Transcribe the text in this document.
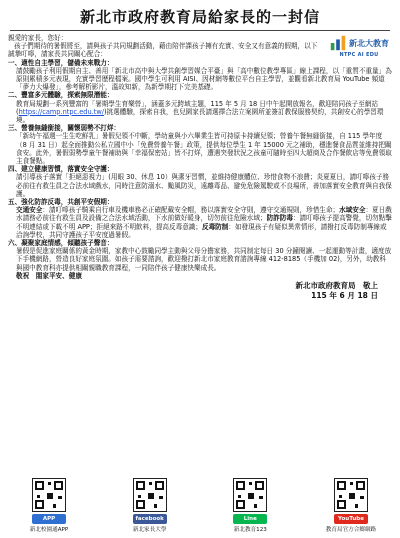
新北市政府教育局給家長的一封信
親愛的家長，您好：
孩子們期待的暑假將至，請與孩子共同規劃活動，藉由陪伴課孩子擁有充實、安全又有意義的假期，以下誠摯叮嚀，請家長共同關心配合：
新北大教育
NTPC AI EDU
一、適性自主學習，儲備未來戰力：
請鼓勵孩子利用假期自主、善用「新北市高中與大學共創學習媒合平臺」與「高中數位教學專區」線上課程，以「重質不重量」為原則累積多元表現，充實學習歷程檔案。國中學生可利用 AISI、因材網等數位平台自主學習，並觀看新北教育局 YouTube 頻道「夢力大爆發」，參考解析影片，溫故知新，為新學期打下完美基礎。
二、豐富多元體驗，探索無限潛能：
教育局規劃一系列豐富的「暑期學生育樂營」，涵蓋多元跨域主題，115 年 5 月 18 日中午起開放報名，歡迎陪同孩子至網站(https://camp.ntpc.edu.tw/)挑選體驗，探索自我，也兒園家長請選擇合法立案園所並簽訂教保服務契約，共創安心的學習環境。
三、營養無縫銜接，關懷弱勢不打烊：
「新幼午福週一生生吃鮮乳」暑假兒領不中斷，學幼童與小六畢業生皆可持原卡持續兒領；營養午餐無縫銜接，自 115 學年度（8 月 31 日）起全面推動公私立國中小「免費營養午餐」政策，提供每位學生 1 年 15000 元之補助，穩進餐食品質並維持把關食安。此外，暑假弱勢學童午餐補助與「幸福保密站」皆不打烊，遭遇突發狀況之孩童可隨時至四大超商及合作餐飲店等免費領取主食餐點。
四、建立健康習慣，落實安全守護：
請引導孩子落實「拒絕惡視力」(用眼 30、休息 10）與潔牙習慣，並維持健康體位、珍惜食物不浪費；炎夏夏日，請叮嚀孩子務必前往有救生員之合法水域戲水，同時注意防溺水、颱風防災，遠離毒品、避免危險駕駛或不良場所，善加落實安全教育與自我保護。
五、強化防詐反毒，共創平安假期：
交通安全：請叮嚀孩子騎乘自行車及機車務必正確配戴安全帽，務以落實安全守則，遵守交通規則，珍惜生命；水域安全：夏日戲水請務必前往有救生員及設備之合法水域活動，下水前做好暖身，切勿前往危險水域；防詐防毒：請叮嚀孩子提高警覺，切勿點擊不明連結或下載不明 APP；拒絕來路不明飲料，提高反毒意識；反毒防制：如發現孩子有疑似異常情形，請撥打反毒防制專線或洽詢學校，共同守護孩子平安度過暑假。
六、凝聚家庭情感，傾聽孩子聲音：
暑假是促進家庭關係的黃金時期，家教中心鼓勵同學主動與父母分擔家務，共同制定每日 30 分鐘閱讀、一起運動等計畫，適度放下手機網路，營造良好家庭氛圍。如孩子需要諮詢，歡迎撥打新北市家庭教育諮詢專線 412-8185（手機加 02)，另外，幼教科與國中教育科亦提供相關親職教育課程，一同陪伴孩子健康快樂成長。
敬祝　閤家平安、健康
新北市政府教育局　敬上
115 年 6 月 18 日
APP
新北校園通APP
facebook
新北家長大學
Line
新北教育123
YouTube
教育局官方合鄉網路
